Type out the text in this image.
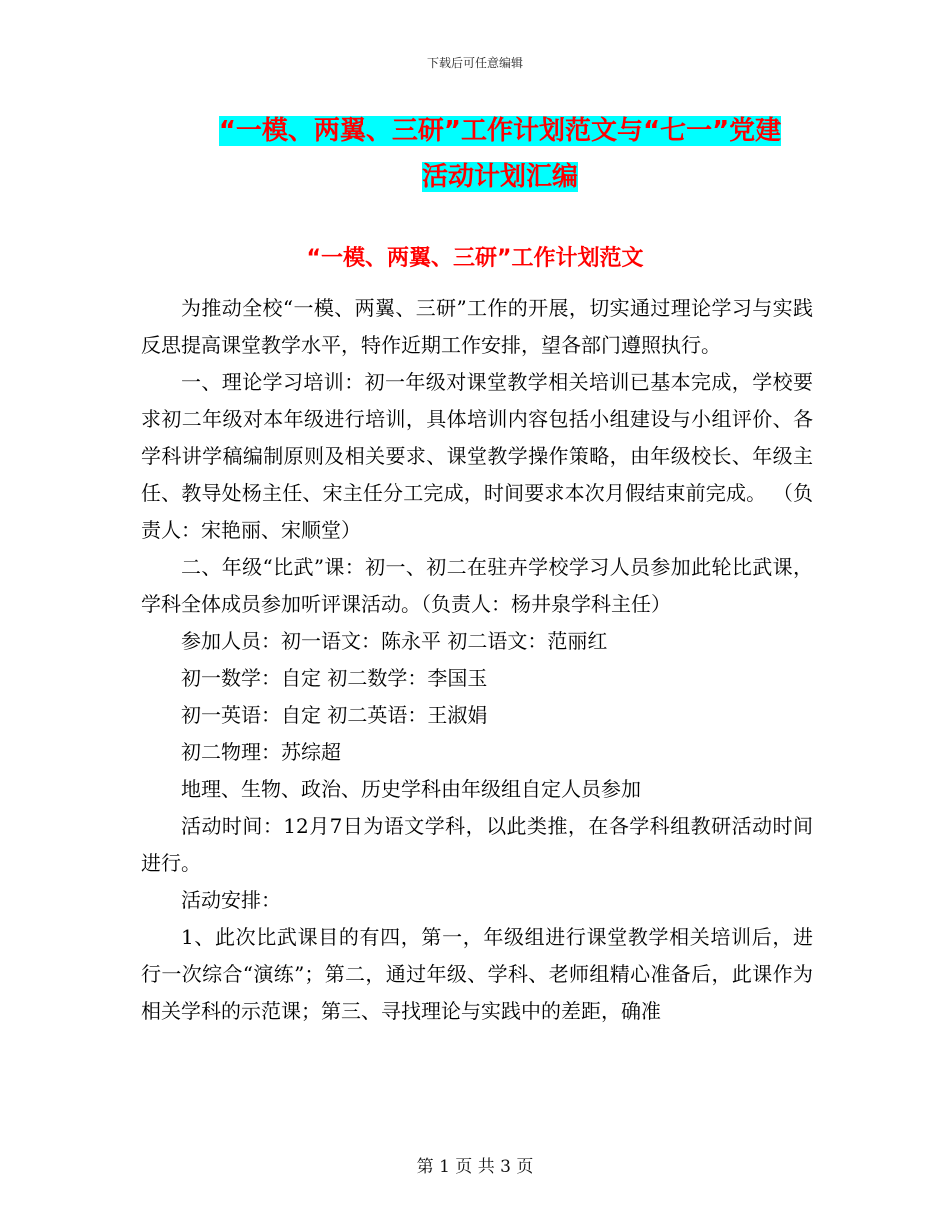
下载后可任意编辑
“一模、两翼、三研”工作计划范文与“七一”党建
活动计划汇编
“一模、两翼、三研”工作计划范文

为推动全校“一模、两翼、三研”工作的开展，切实通过理论学习与实践反思提高课堂教学水平，特作近期工作安排，望各部门遵照执行。

一、理论学习培训：初一年级对课堂教学相关培训已基本完成，学校要求初二年级对本年级进行培训，具体培训内容包括小组建设与小组评价、各学科讲学稿编制原则及相关要求、课堂教学操作策略，由年级校长、年级主任、教导处杨主任、宋主任分工完成，时间要求本次月假结束前完成。 （负责人：宋艳丽、宋顺堂）

二、年级“比武”课：初一、初二在驻卉学校学习人员参加此轮比武课，学科全体成员参加听评课活动。（负责人：杨井泉学科主任）

参加人员：初一语文：陈永平 初二语文：范丽红

初一数学：自定 初二数学：李国玉

初一英语：自定 初二英语：王淑娟

初二物理：苏综超

地理、生物、政治、历史学科由年级组自定人员参加

活动时间：12月7日为语文学科，以此类推，在各学科组教研活动时间进行。

活动安排：

1、此次比武课目的有四，第一，年级组进行课堂教学相关培训后，进行一次综合“演练”；第二，通过年级、学科、老师组精心准备后，此课作为相关学科的示范课；第三、寻找理论与实践中的差距，确准

第 1 页 共 3 页
